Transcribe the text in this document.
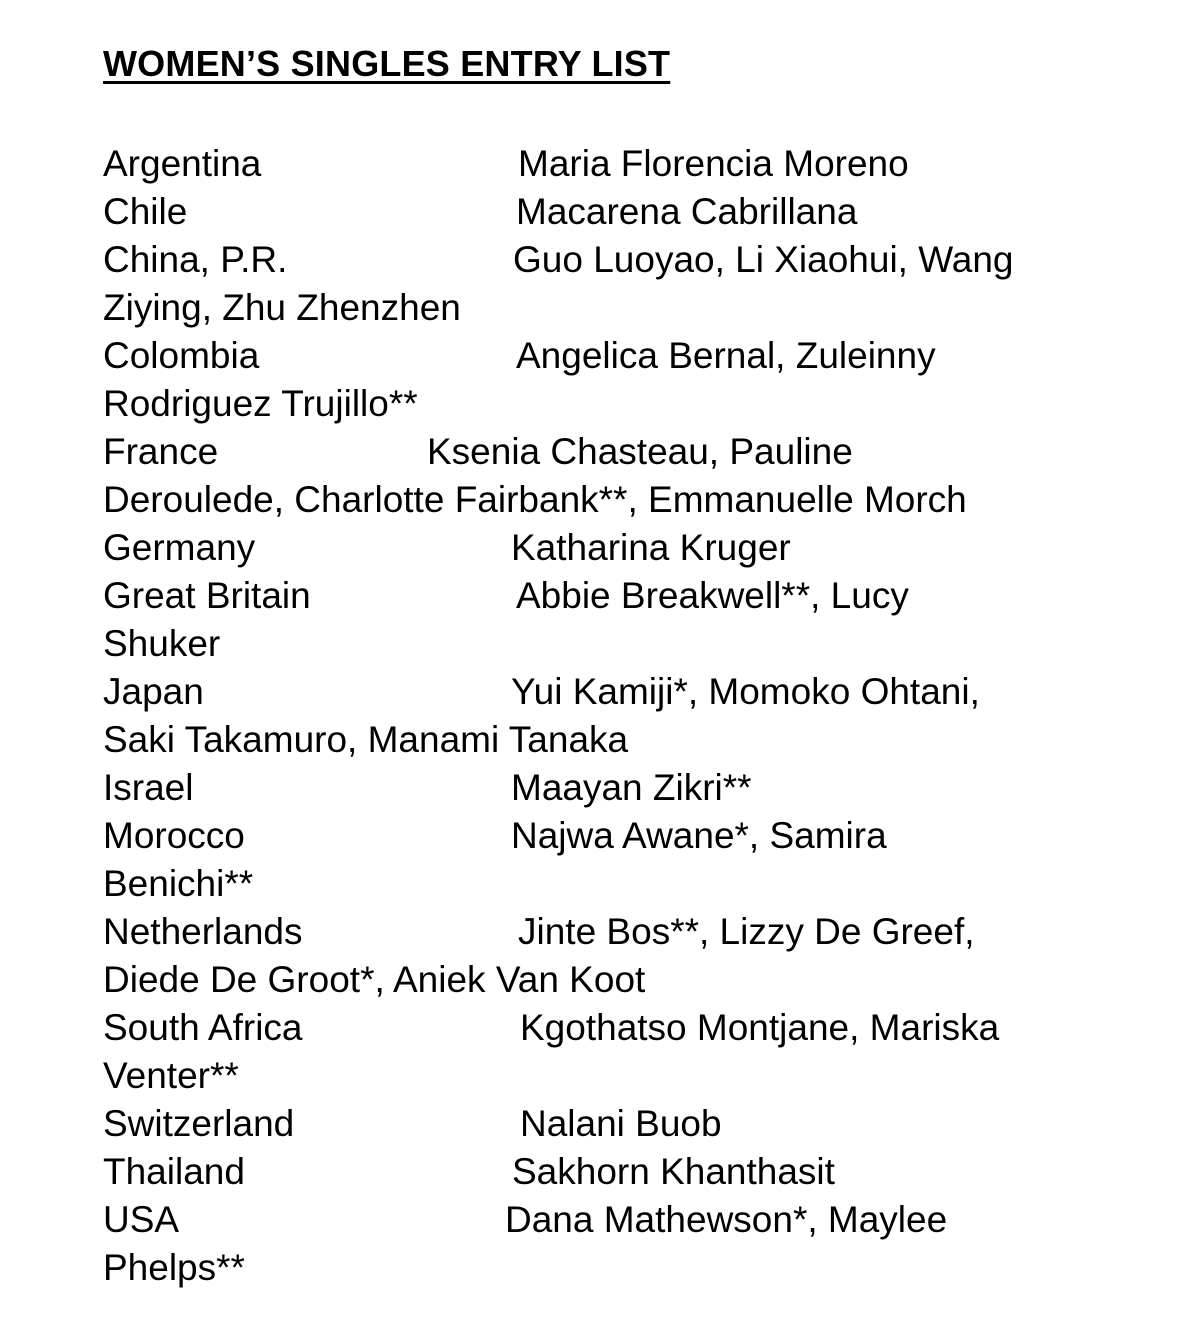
WOMEN’S SINGLES ENTRY LIST
Argentina	Maria Florencia Moreno
Chile	Macarena Cabrillana
China, P.R.	Guo Luoyao, Li Xiaohui, Wang
Ziying, Zhu Zhenzhen
Colombia	Angelica Bernal, Zuleinny
Rodriguez Trujillo**
France	Ksenia Chasteau, Pauline
Deroulede, Charlotte Fairbank**, Emmanuelle Morch
Germany	Katharina Kruger
Great Britain	Abbie Breakwell**, Lucy
Shuker
Japan	Yui Kamiji*, Momoko Ohtani,
Saki Takamuro, Manami Tanaka
Israel	Maayan Zikri**
Morocco	Najwa Awane*, Samira
Benichi**
Netherlands	Jinte Bos**, Lizzy De Greef,
Diede De Groot*, Aniek Van Koot
South Africa	Kgothatso Montjane, Mariska
Venter**
Switzerland	Nalani Buob
Thailand	Sakhorn Khanthasit
USA	Dana Mathewson*, Maylee
Phelps**
